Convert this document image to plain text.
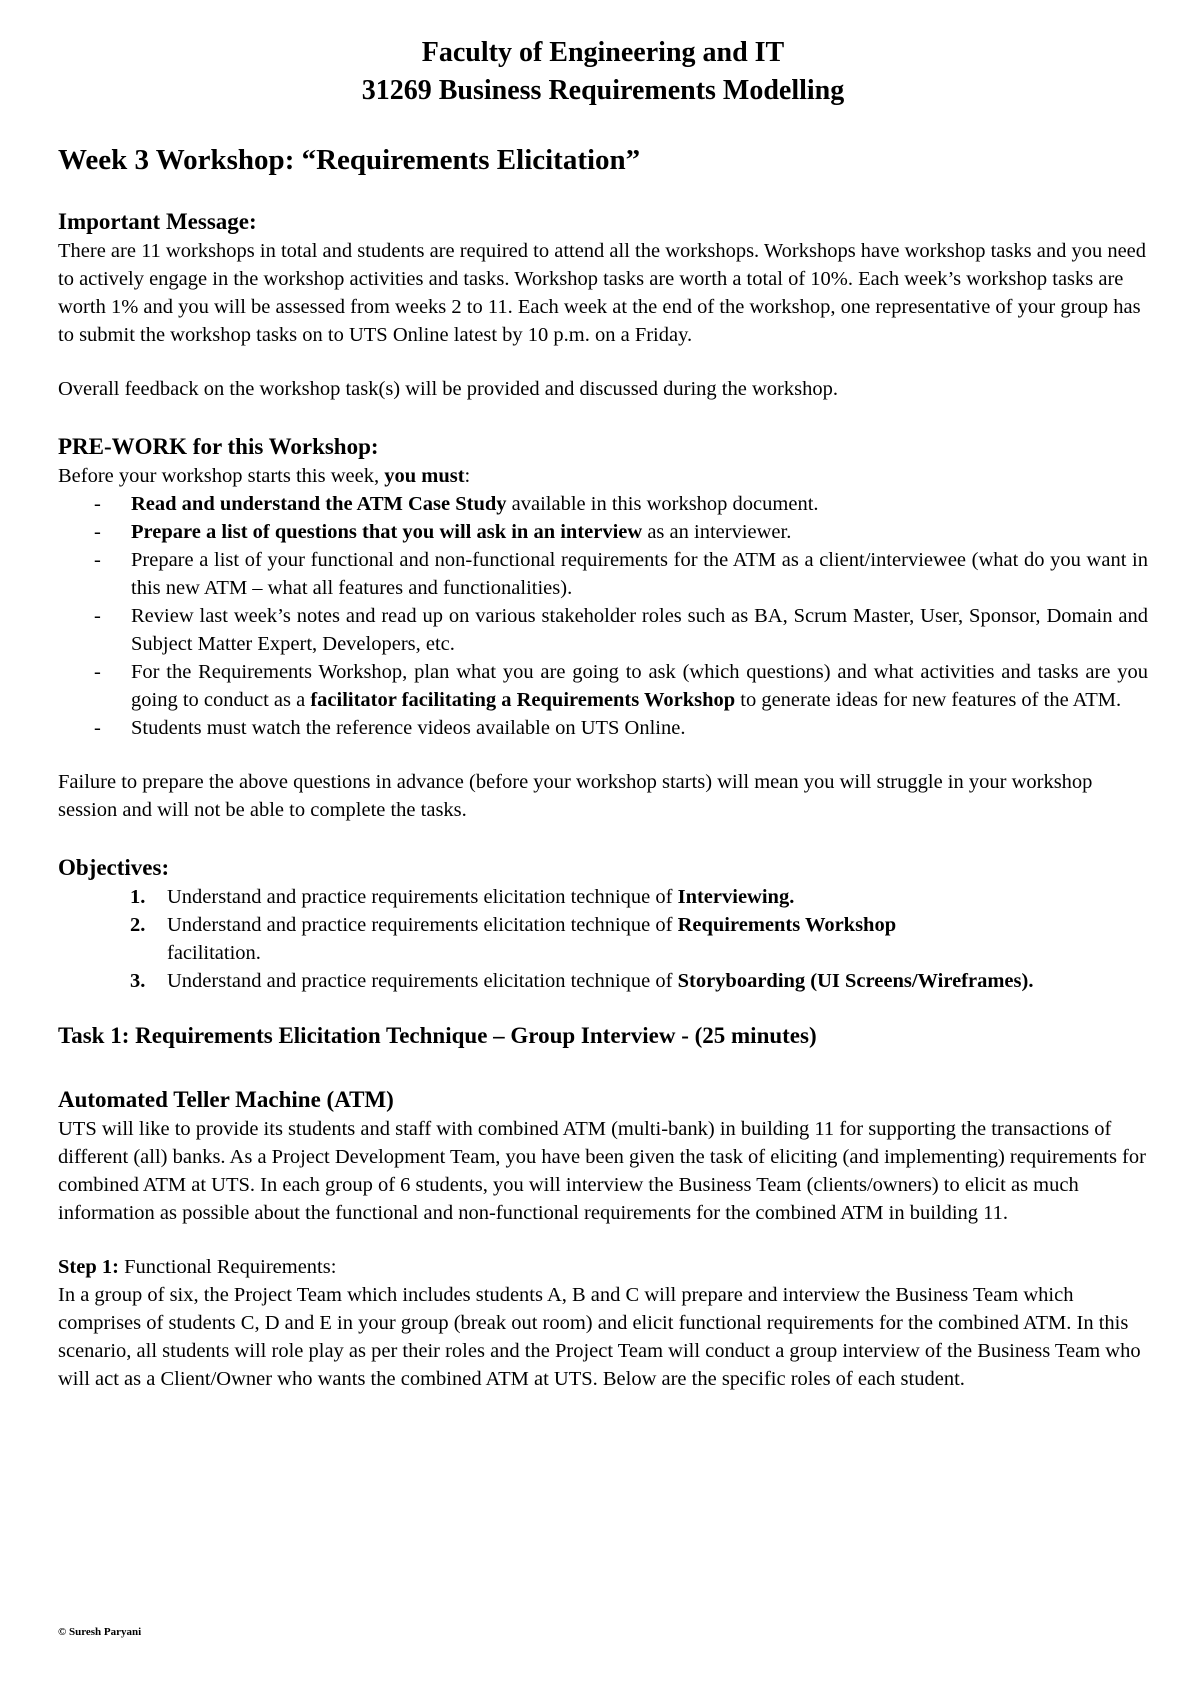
Faculty of Engineering and IT
31269 Business Requirements Modelling
Week 3 Workshop: “Requirements Elicitation”
Important Message:

There are 11 workshops in total and students are required to attend all the workshops. Workshops have workshop tasks and you need to actively engage in the workshop activities and tasks. Workshop tasks are worth a total of 10%. Each week’s workshop tasks are worth 1% and you will be assessed from weeks 2 to 11. Each week at the end of the workshop, one representative of your group has to submit the workshop tasks on to UTS Online latest by 10 p.m. on a Friday.

Overall feedback on the workshop task(s) will be provided and discussed during the workshop.

PRE-WORK for this Workshop:

Before your workshop starts this week, you must:

- Read and understand the ATM Case Study available in this workshop document.
- Prepare a list of questions that you will ask in an interview as an interviewer.
- Prepare a list of your functional and non-functional requirements for the ATM as a client/interviewee (what do you want in this new ATM – what all features and functionalities).
- Review last week’s notes and read up on various stakeholder roles such as BA, Scrum Master, User, Sponsor, Domain and Subject Matter Expert, Developers, etc.
- For the Requirements Workshop, plan what you are going to ask (which questions) and what activities and tasks are you going to conduct as a facilitator facilitating a Requirements Workshop to generate ideas for new features of the ATM.
- Students must watch the reference videos available on UTS Online.

Failure to prepare the above questions in advance (before your workshop starts) will mean you will struggle in your workshop session and will not be able to complete the tasks.

Objectives:
1. Understand and practice requirements elicitation technique of Interviewing.
2. Understand and practice requirements elicitation technique of Requirements Workshop
facilitation.
3. Understand and practice requirements elicitation technique of Storyboarding (UI Screens/Wireframes).
Task 1: Requirements Elicitation Technique – Group Interview - (25 minutes)
Automated Teller Machine (ATM)

UTS will like to provide its students and staff with combined ATM (multi-bank) in building 11 for supporting the transactions of different (all) banks. As a Project Development Team, you have been given the task of eliciting (and implementing) requirements for combined ATM at UTS. In each group of 6 students, you will interview the Business Team (clients/owners) to elicit as much information as possible about the functional and non-functional requirements for the combined ATM in building 11.

Step 1: Functional Requirements:

In a group of six, the Project Team which includes students A, B and C will prepare and interview the Business Team which comprises of students C, D and E in your group (break out room) and elicit functional requirements for the combined ATM. In this scenario, all students will role play as per their roles and the Project Team will conduct a group interview of the Business Team who will act as a Client/Owner who wants the combined ATM at UTS. Below are the specific roles of each student.

© Suresh Paryani
